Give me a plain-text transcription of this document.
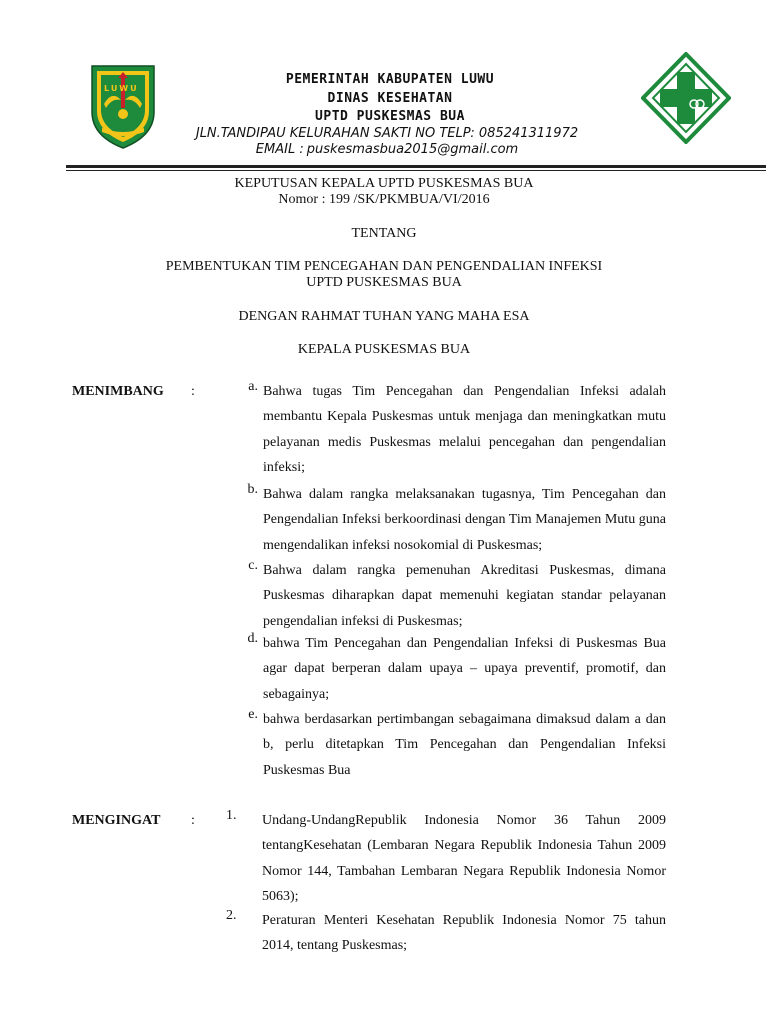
LUWU
PEMERINTAH KABUPATEN LUWU
DINAS KESEHATAN
UPTD PUSKESMAS BUA
JLN.TANDIPAU KELURAHAN SAKTI NO TELP: 085241311972
EMAIL : puskesmasbua2015@gmail.com
KEPUTUSAN KEPALA UPTD PUSKESMAS BUA
Nomor : 199 /SK/PKMBUA/VI/2016
TENTANG
PEMBENTUKAN TIM PENCEGAHAN DAN PENGENDALIAN INFEKSI
UPTD PUSKESMAS BUA
DENGAN RAHMAT TUHAN YANG MAHA ESA
KEPALA PUSKESMAS BUA
MENIMBANG :	a. Bahwa tugas Tim Pencegahan dan Pengendalian Infeksi adalah membantu Kepala Puskesmas untuk menjaga dan meningkatkan mutu pelayanan medis Puskesmas melalui pencegahan dan pengendalian infeksi;
b. Bahwa dalam rangka melaksanakan tugasnya, Tim Pencegahan dan Pengendalian Infeksi berkoordinasi dengan Tim Manajemen Mutu guna mengendalikan infeksi nosokomial di Puskesmas;
c. Bahwa dalam rangka pemenuhan Akreditasi Puskesmas, dimana Puskesmas diharapkan dapat memenuhi kegiatan standar pelayanan pengendalian infeksi di Puskesmas;
d. bahwa Tim Pencegahan dan Pengendalian Infeksi di Puskesmas Bua agar dapat berperan dalam upaya – upaya preventif, promotif, dan sebagainya;
e. bahwa berdasarkan pertimbangan sebagaimana dimaksud dalam a dan b, perlu ditetapkan Tim Pencegahan dan Pengendalian Infeksi Puskesmas Bua
MENGINGAT : 1.	Undang-UndangRepublik Indonesia Nomor 36 Tahun 2009 tentangKesehatan (Lembaran Negara Republik Indonesia Tahun 2009 Nomor 144, Tambahan Lembaran Negara Republik Indonesia Nomor 5063);
2.	Peraturan Menteri Kesehatan Republik Indonesia Nomor 75 tahun 2014, tentang Puskesmas;
